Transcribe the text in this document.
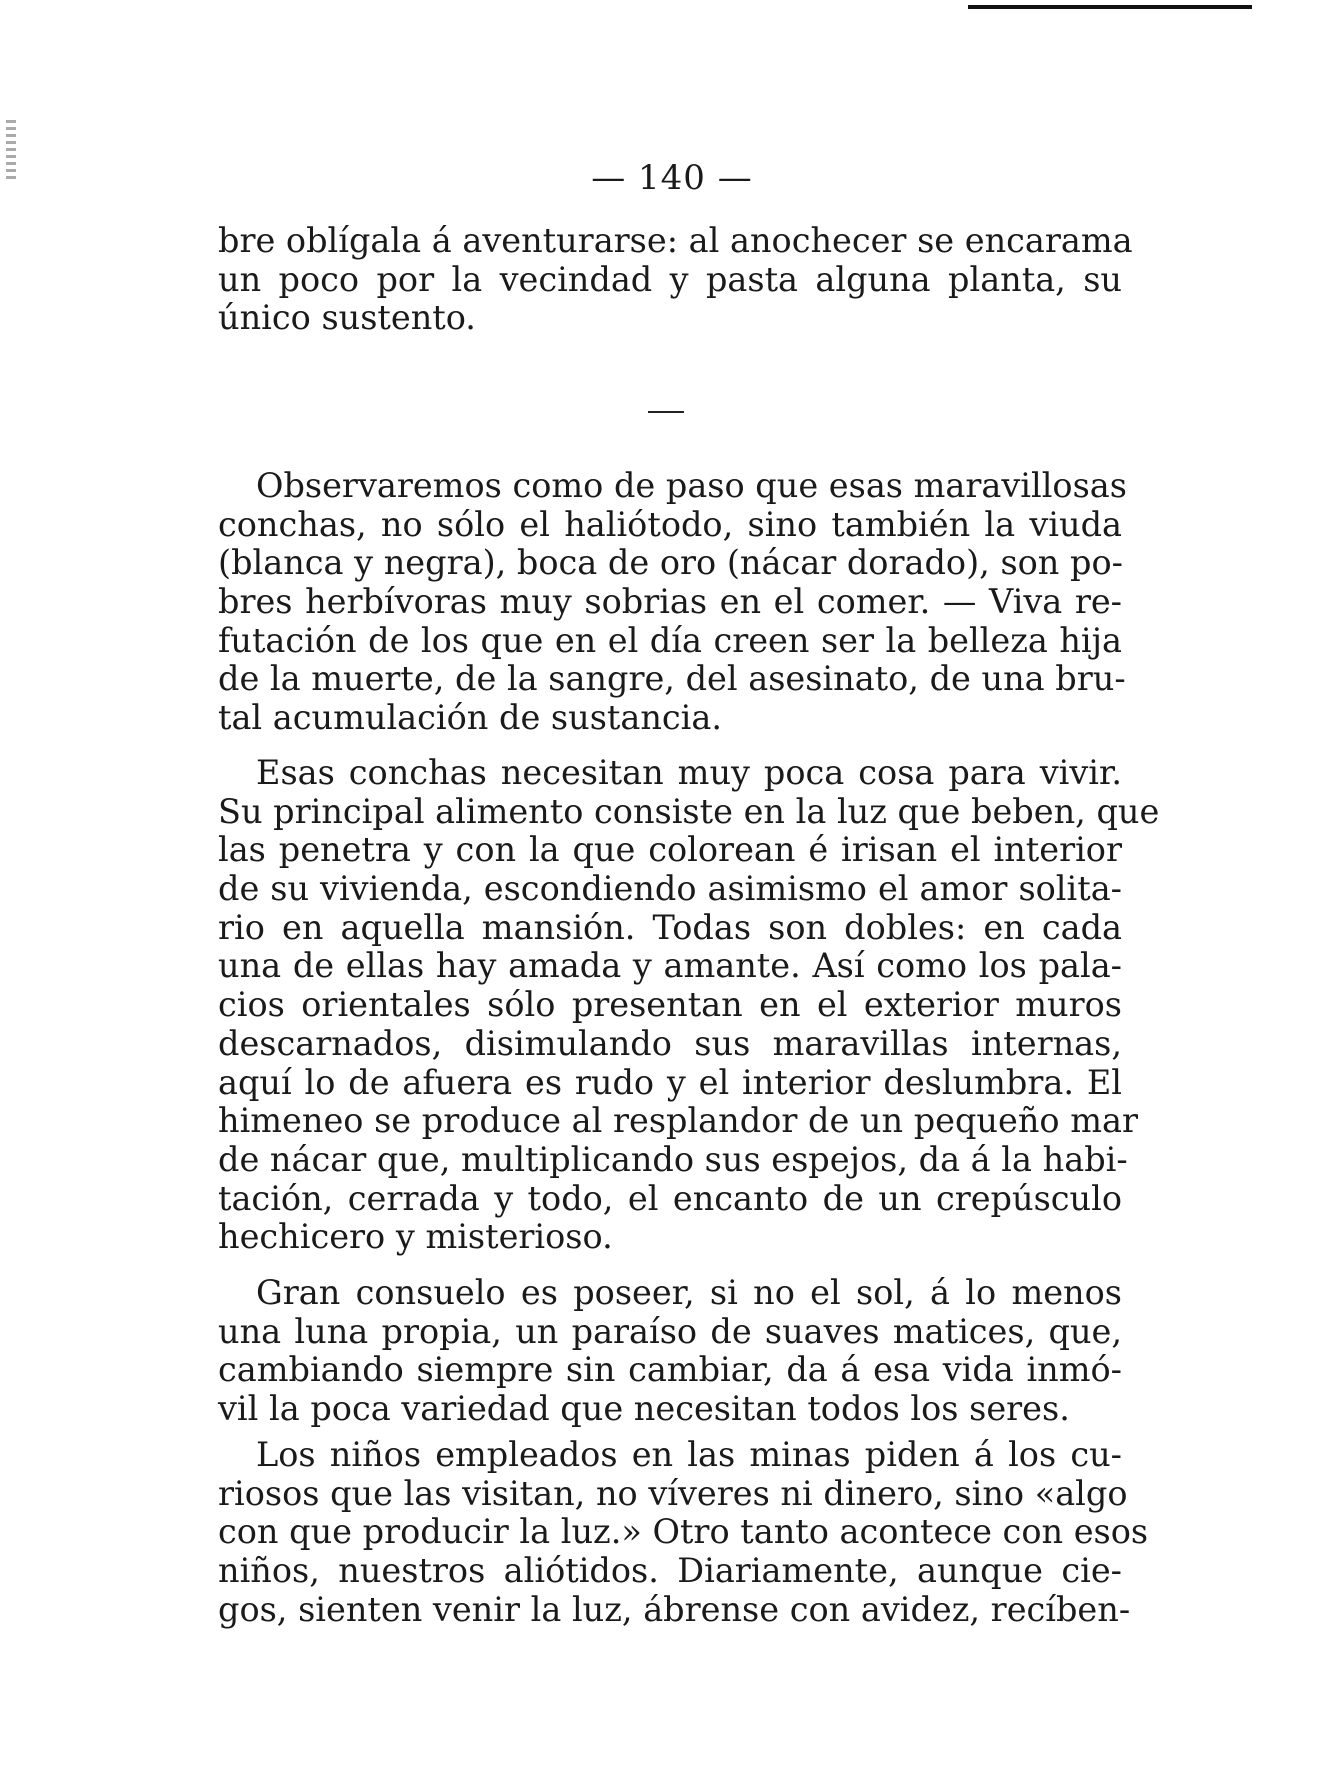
— 140 —
bre oblígala á aventurarse: al anochecer se encarama
un poco por la vecindad y pasta alguna planta, su
único sustento.
Observaremos como de paso que esas maravillosas
conchas, no sólo el haliótodo, sino también la viuda
(blanca y negra), boca de oro (nácar dorado), son po-
bres herbívoras muy sobrias en el comer. — Viva re-
futación de los que en el día creen ser la belleza hija
de la muerte, de la sangre, del asesinato, de una bru-
tal acumulación de sustancia.
Esas conchas necesitan muy poca cosa para vivir.
Su principal alimento consiste en la luz que beben, que
las penetra y con la que colorean é irisan el interior
de su vivienda, escondiendo asimismo el amor solita-
rio en aquella mansión. Todas son dobles: en cada
una de ellas hay amada y amante. Así como los pala-
cios orientales sólo presentan en el exterior muros
descarnados, disimulando sus maravillas internas,
aquí lo de afuera es rudo y el interior deslumbra. El
himeneo se produce al resplandor de un pequeño mar
de nácar que, multiplicando sus espejos, da á la habi-
tación, cerrada y todo, el encanto de un crepúsculo
hechicero y misterioso.
Gran consuelo es poseer, si no el sol, á lo menos
una luna propia, un paraíso de suaves matices, que,
cambiando siempre sin cambiar, da á esa vida inmó-
vil la poca variedad que necesitan todos los seres.
Los niños empleados en las minas piden á los cu-
riosos que las visitan, no víveres ni dinero, sino «algo
con que producir la luz.» Otro tanto acontece con esos
niños, nuestros aliótidos. Diariamente, aunque cie-
gos, sienten venir la luz, ábrense con avidez, recíben-
